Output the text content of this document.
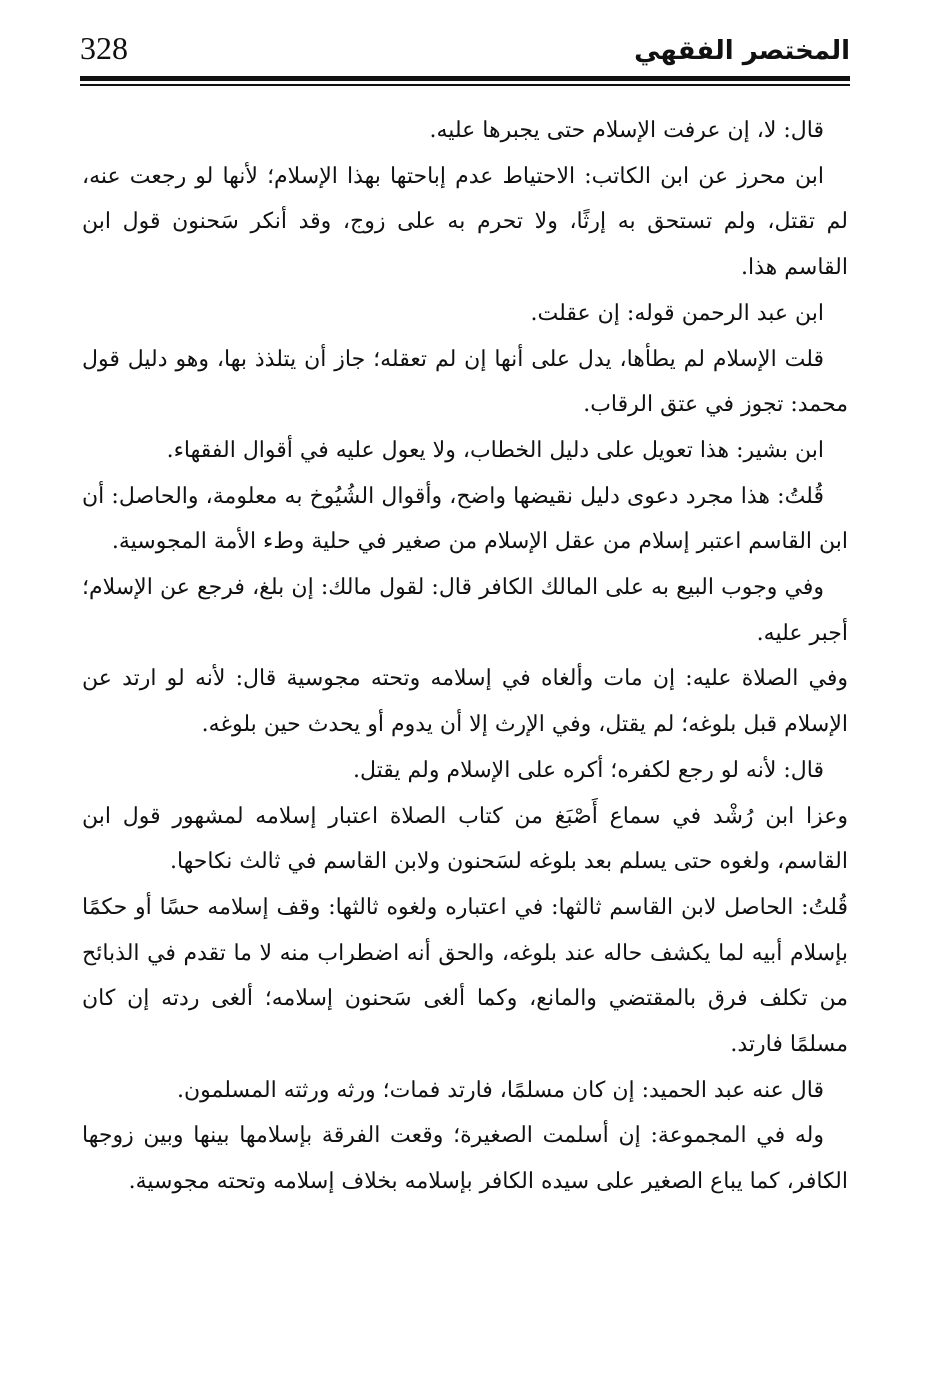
328	المختصر الفقهي

قال: لا، إن عرفت الإسلام حتى يجبرها عليه.

ابن محرز عن ابن الكاتب: الاحتياط عدم إباحتها بهذا الإسلام؛ لأنها لو رجعت عنه، لم تقتل، ولم تستحق به إرثًا، ولا تحرم به على زوج، وقد أنكر سَحنون قول ابن القاسم هذا.

ابن عبد الرحمن قوله: إن عقلت.

قلت الإسلام لم يطأها، يدل على أنها إن لم تعقله؛ جاز أن يتلذذ بها، وهو دليل قول محمد: تجوز في عتق الرقاب.

ابن بشير: هذا تعويل على دليل الخطاب، ولا يعول عليه في أقوال الفقهاء.

قُلتُ: هذا مجرد دعوى دليل نقيضها واضح، وأقوال الشُيُوخ به معلومة، والحاصل: أن ابن القاسم اعتبر إسلام من عقل الإسلام من صغير في حلية وطء الأمة المجوسية.

وفي وجوب البيع به على المالك الكافر قال: لقول مالك: إن بلغ، فرجع عن الإسلام؛ أجبر عليه.

وفي الصلاة عليه: إن مات وألغاه في إسلامه وتحته مجوسية قال: لأنه لو ارتد عن الإسلام قبل بلوغه؛ لم يقتل، وفي الإرث إلا أن يدوم أو يحدث حين بلوغه.

قال: لأنه لو رجع لكفره؛ أكره على الإسلام ولم يقتل.

وعزا ابن رُشْد في سماع أَصْبَغ من كتاب الصلاة اعتبار إسلامه لمشهور قول ابن القاسم، ولغوه حتى يسلم بعد بلوغه لسَحنون ولابن القاسم في ثالث نكاحها.

قُلتُ: الحاصل لابن القاسم ثالثها: في اعتباره ولغوه ثالثها: وقف إسلامه حسًا أو حكمًا بإسلام أبيه لما يكشف حاله عند بلوغه، والحق أنه اضطراب منه لا ما تقدم في الذبائح من تكلف فرق بالمقتضي والمانع، وكما ألغى سَحنون إسلامه؛ ألغى ردته إن كان مسلمًا فارتد.

قال عنه عبد الحميد: إن كان مسلمًا، فارتد فمات؛ ورثه ورثته المسلمون.

وله في المجموعة: إن أسلمت الصغيرة؛ وقعت الفرقة بإسلامها بينها وبين زوجها الكافر، كما يباع الصغير على سيده الكافر بإسلامه بخلاف إسلامه وتحته مجوسية.
